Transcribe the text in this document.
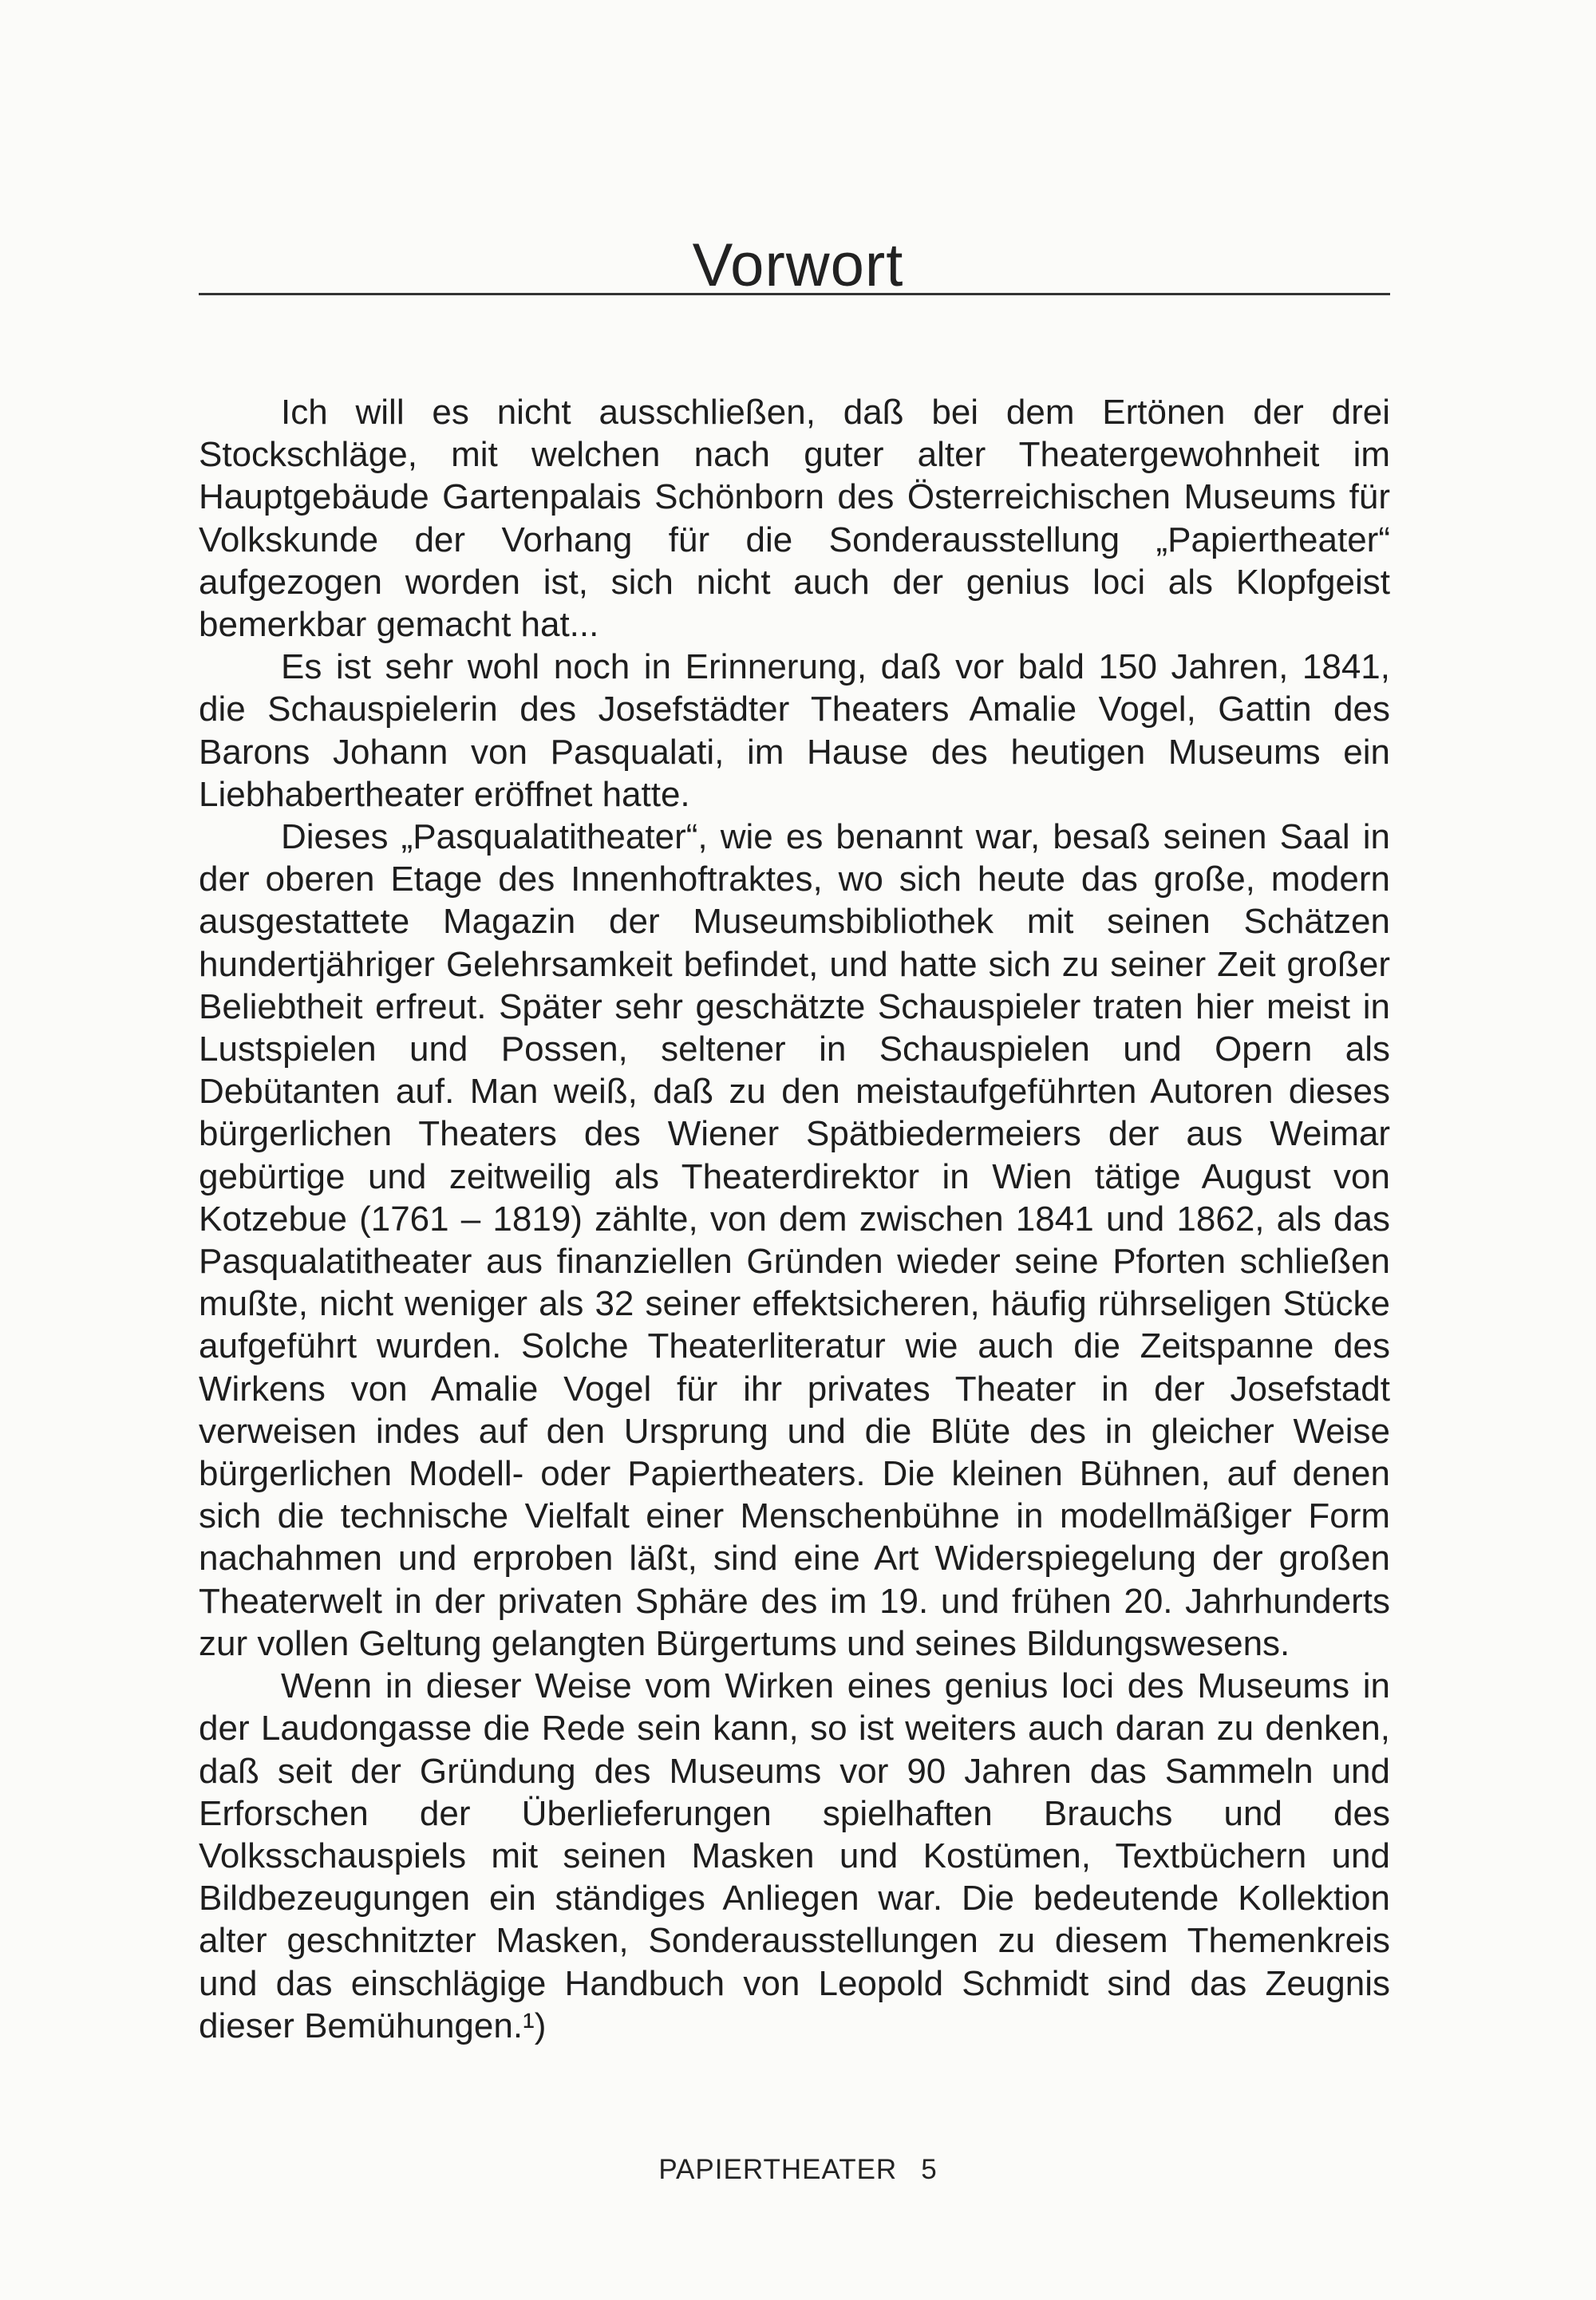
Vorwort

Ich will es nicht ausschließen, daß bei dem Ertönen der drei Stockschläge, mit welchen nach guter alter Theatergewohnheit im Hauptgebäude Gartenpalais Schönborn des Österreichischen Museums für Volkskunde der Vorhang für die Sonderausstellung „Papiertheater“ aufgezogen worden ist, sich nicht auch der genius loci als Klopfgeist bemerkbar gemacht hat...

Es ist sehr wohl noch in Erinnerung, daß vor bald 150 Jahren, 1841, die Schauspielerin des Josefstädter Theaters Amalie Vogel, Gattin des Barons Johann von Pasqualati, im Hause des heutigen Museums ein Liebhabertheater eröffnet hatte.

Dieses „Pasqualatitheater“, wie es benannt war, besaß seinen Saal in der oberen Etage des Innenhoftraktes, wo sich heute das große, modern ausgestattete Magazin der Museumsbibliothek mit seinen Schätzen hundertjähriger Gelehrsamkeit befindet, und hatte sich zu seiner Zeit großer Beliebtheit erfreut. Später sehr geschätzte Schauspieler traten hier meist in Lustspielen und Possen, seltener in Schauspielen und Opern als Debütanten auf. Man weiß, daß zu den meistaufgeführten Autoren dieses bürgerlichen Theaters des Wiener Spätbiedermeiers der aus Weimar gebürtige und zeitweilig als Theaterdirektor in Wien tätige August von Kotzebue (1761 – 1819) zählte, von dem zwischen 1841 und 1862, als das Pasqualatitheater aus finanziellen Gründen wieder seine Pforten schließen mußte, nicht weniger als 32 seiner effektsicheren, häufig rührseligen Stücke aufgeführt wurden. Solche Theaterliteratur wie auch die Zeitspanne des Wirkens von Amalie Vogel für ihr privates Theater in der Josefstadt verweisen indes auf den Ursprung und die Blüte des in gleicher Weise bürgerlichen Modell- oder Papiertheaters. Die kleinen Bühnen, auf denen sich die technische Vielfalt einer Menschenbühne in modellmäßiger Form nachahmen und erproben läßt, sind eine Art Widerspiegelung der großen Theaterwelt in der privaten Sphäre des im 19. und frühen 20. Jahrhunderts zur vollen Geltung gelangten Bürgertums und seines Bildungswesens.

Wenn in dieser Weise vom Wirken eines genius loci des Museums in der Laudongasse die Rede sein kann, so ist weiters auch daran zu denken, daß seit der Gründung des Museums vor 90 Jahren das Sammeln und Erforschen der Überlieferungen spielhaften Brauchs und des Volksschauspiels mit seinen Masken und Kostümen, Textbüchern und Bildbezeugungen ein ständiges Anliegen war. Die bedeutende Kollektion alter geschnitzter Masken, Sonderausstellungen zu diesem Themenkreis und das einschlägige Handbuch von Leopold Schmidt sind das Zeugnis dieser Bemühungen.¹)

PAPIERTHEATER 5
